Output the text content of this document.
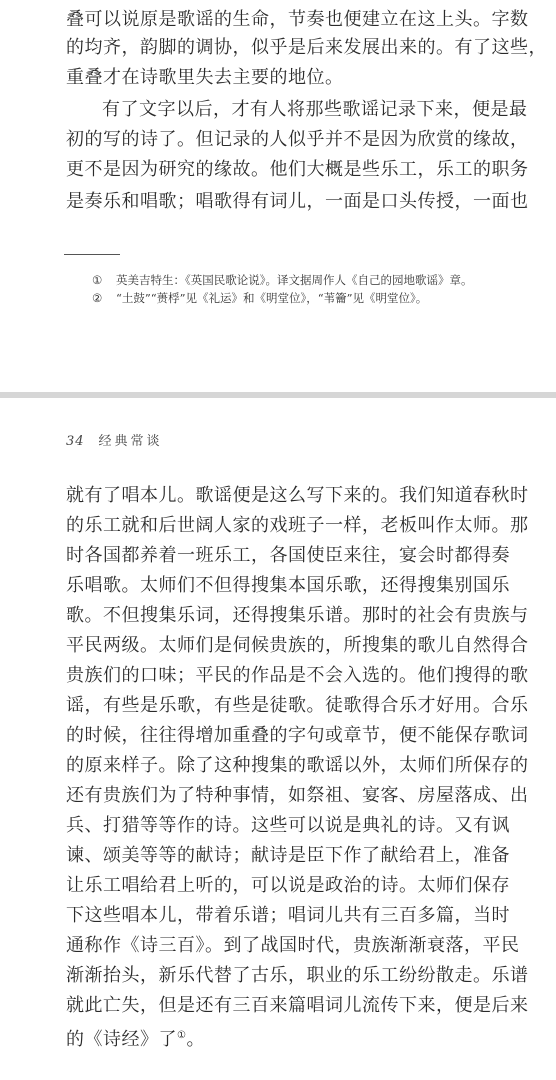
叠可以说原是歌谣的生命，节奏也便建立在这上头。字数
的均齐，韵脚的调协，似乎是后来发展出来的。有了这些，
重叠才在诗歌里失去主要的地位。
有了文字以后，才有人将那些歌谣记录下来，便是最
初的写的诗了。但记录的人似乎并不是因为欣赏的缘故，
更不是因为研究的缘故。他们大概是些乐工，乐工的职务
是奏乐和唱歌；唱歌得有词儿，一面是口头传授，一面也
① 英美吉特生：《英国民歌论说》。译文据周作人《自己的园地歌谣》章。
② “土鼓”“蒉桴”见《礼运》和《明堂位》，“苇籥”见《明堂位》。
34 经典常谈
就有了唱本儿。歌谣便是这么写下来的。我们知道春秋时
的乐工就和后世阔人家的戏班子一样，老板叫作太师。那
时各国都养着一班乐工，各国使臣来往，宴会时都得奏
乐唱歌。太师们不但得搜集本国乐歌，还得搜集别国乐
歌。不但搜集乐词，还得搜集乐谱。那时的社会有贵族与
平民两级。太师们是伺候贵族的，所搜集的歌儿自然得合
贵族们的口味；平民的作品是不会入选的。他们搜得的歌
谣，有些是乐歌，有些是徒歌。徒歌得合乐才好用。合乐
的时候，往往得增加重叠的字句或章节，便不能保存歌词
的原来样子。除了这种搜集的歌谣以外，太师们所保存的
还有贵族们为了特种事情，如祭祖、宴客、房屋落成、出
兵、打猎等等作的诗。这些可以说是典礼的诗。又有讽
谏、颂美等等的献诗；献诗是臣下作了献给君上，准备
让乐工唱给君上听的，可以说是政治的诗。太师们保存
下这些唱本儿，带着乐谱；唱词儿共有三百多篇，当时
通称作《诗三百》。到了战国时代，贵族渐渐衰落，平民
渐渐抬头，新乐代替了古乐，职业的乐工纷纷散走。乐谱
就此亡失，但是还有三百来篇唱词儿流传下来，便是后来
的《诗经》了①。
